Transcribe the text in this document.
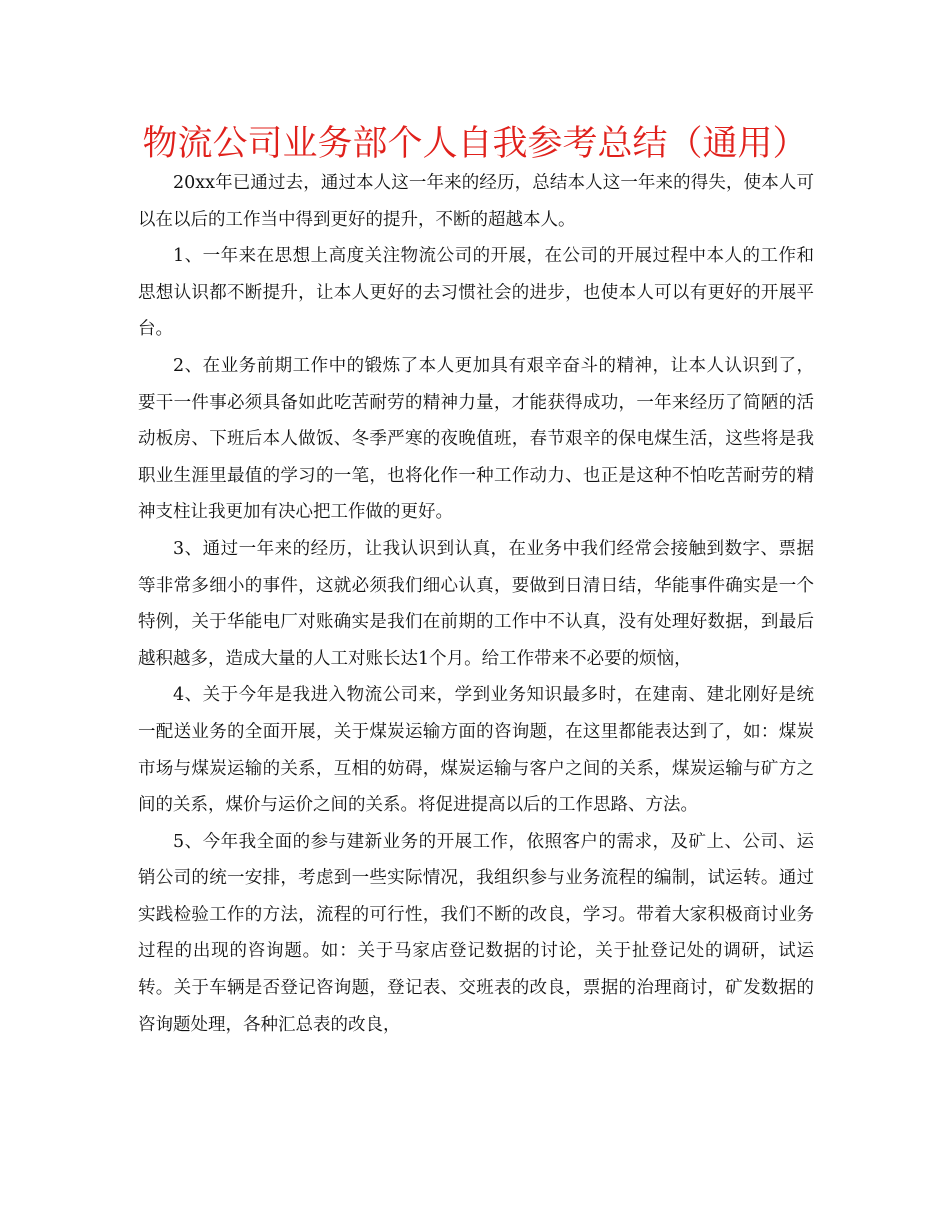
物流公司业务部个人自我参考总结（通用）

20xx年已通过去，通过本人这一年来的经历，总结本人这一年来的得失，使本人可以在以后的工作当中得到更好的提升，不断的超越本人。

1、一年来在思想上高度关注物流公司的开展，在公司的开展过程中本人的工作和思想认识都不断提升，让本人更好的去习惯社会的进步，也使本人可以有更好的开展平台。

2、在业务前期工作中的锻炼了本人更加具有艰辛奋斗的精神，让本人认识到了，要干一件事必须具备如此吃苦耐劳的精神力量，才能获得成功，一年来经历了简陋的活动板房、下班后本人做饭、冬季严寒的夜晚值班，春节艰辛的保电煤生活，这些将是我职业生涯里最值的学习的一笔，也将化作一种工作动力、也正是这种不怕吃苦耐劳的精神支柱让我更加有决心把工作做的更好。

3、通过一年来的经历，让我认识到认真，在业务中我们经常会接触到数字、票据等非常多细小的事件，这就必须我们细心认真，要做到日清日结，华能事件确实是一个特例，关于华能电厂对账确实是我们在前期的工作中不认真，没有处理好数据，到最后越积越多，造成大量的人工对账长达1个月。给工作带来不必要的烦恼，

4、关于今年是我进入物流公司来，学到业务知识最多时，在建南、建北刚好是统一配送业务的全面开展，关于煤炭运输方面的咨询题，在这里都能表达到了，如：煤炭市场与煤炭运输的关系，互相的妨碍，煤炭运输与客户之间的关系，煤炭运输与矿方之间的关系，煤价与运价之间的关系。将促进提高以后的工作思路、方法。

5、今年我全面的参与建新业务的开展工作，依照客户的需求，及矿上、公司、运销公司的统一安排，考虑到一些实际情况，我组织参与业务流程的编制，试运转。通过实践检验工作的方法，流程的可行性，我们不断的改良，学习。带着大家积极商讨业务过程的出现的咨询题。如：关于马家店登记数据的讨论，关于扯登记处的调研，试运转。关于车辆是否登记咨询题，登记表、交班表的改良，票据的治理商讨，矿发数据的咨询题处理，各种汇总表的改良，
